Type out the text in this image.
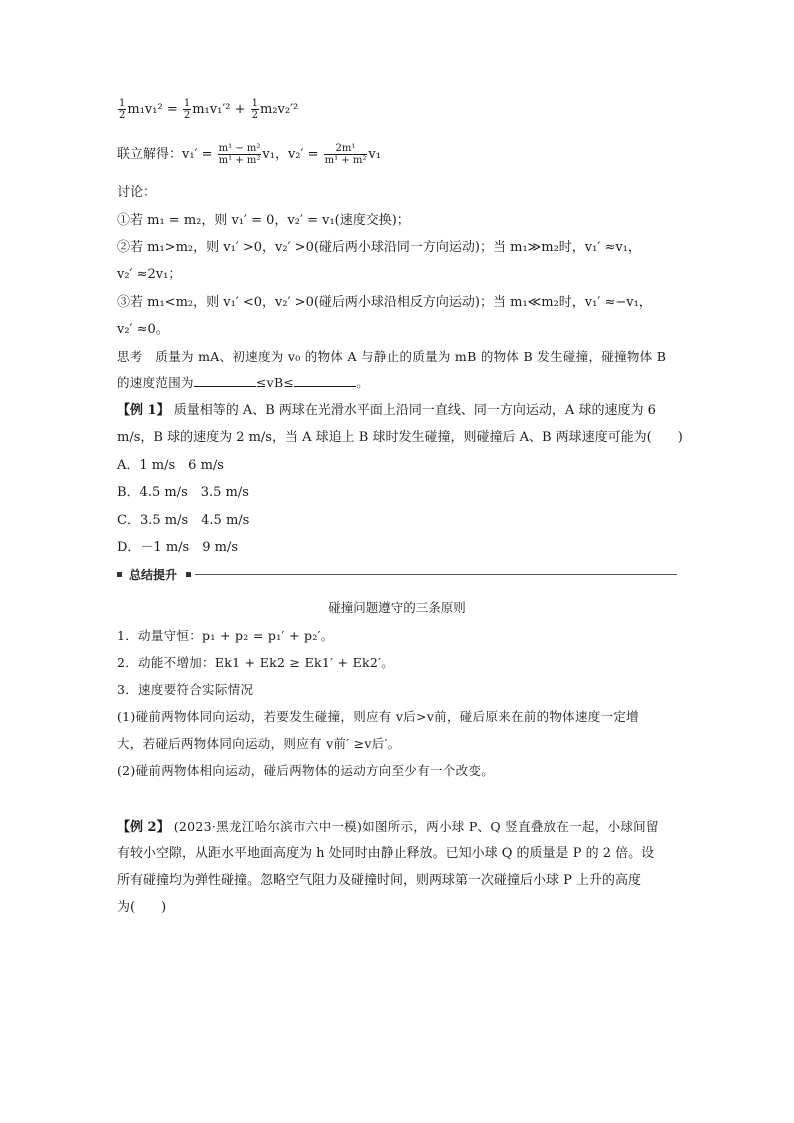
$\frac{1}{2} m_1v_1^2 = \frac{1}{2} m_1v_1'^2 + \frac{1}{2} m_2v_2'^2$
联立解得：$v_1' = \frac{\text{m¹ − m²}}{\text{m¹ + m²}} v_1$，$v_2' = \frac{\text{2m¹}}{\text{m¹ + m²}} v_1$
讨论：
①若 m₁ = m₂，则 v₁′ = 0，v₂′ = v₁(速度交换)；
②若 m₁>m₂，则 v₁′ >0，v₂′ >0(碰后两小球沿同一方向运动)；当 m₁≫m₂时，v₁′ ≈v₁，
v₂′ ≈2v₁；
③若 m₁<m₂，则 v₁′ <0，v₂′ >0(碰后两小球沿相反方向运动)；当 m₁≪m₂时，v₁′ ≈−v₁，
v₂′ ≈0。
思考　质量为 mA、初速度为 v₀ 的物体 A 与静止的质量为 mB 的物体 B 发生碰撞，碰撞物体 B
的速度范围为	≤vB≤	。
【例 1】 质量相等的 A、B 两球在光滑水平面上沿同一直线、同一方向运动，A 球的速度为 6
m/s，B 球的速度为 2 m/s，当 A 球追上 B 球时发生碰撞，则碰撞后 A、B 两球速度可能为(　　)
A．1 m/s　6 m/s
B．4.5 m/s　3.5 m/s
C．3.5 m/s　4.5 m/s
D．－1 m/s　9 m/s
总结提升
碰撞问题遵守的三条原则
1．动量守恒：p₁ + p₂ = p₁′ + p₂′。
2．动能不增加：Ek1 + Ek2 ≥ Ek1′ + Ek2′。
3．速度要符合实际情况
(1)碰前两物体同向运动，若要发生碰撞，则应有 v后>v前，碰后原来在前的物体速度一定增
大，若碰后两物体同向运动，则应有 v前′ ≥v后′。
(2)碰前两物体相向运动，碰后两物体的运动方向至少有一个改变。
【例 2】 (2023·黑龙江哈尔滨市六中一模)如图所示，两小球 P、Q 竖直叠放在一起，小球间留
有较小空隙，从距水平地面高度为 h 处同时由静止释放。已知小球 Q 的质量是 P 的 2 倍。设
所有碰撞均为弹性碰撞。忽略空气阻力及碰撞时间，则两球第一次碰撞后小球 P 上升的高度
为(　　)
